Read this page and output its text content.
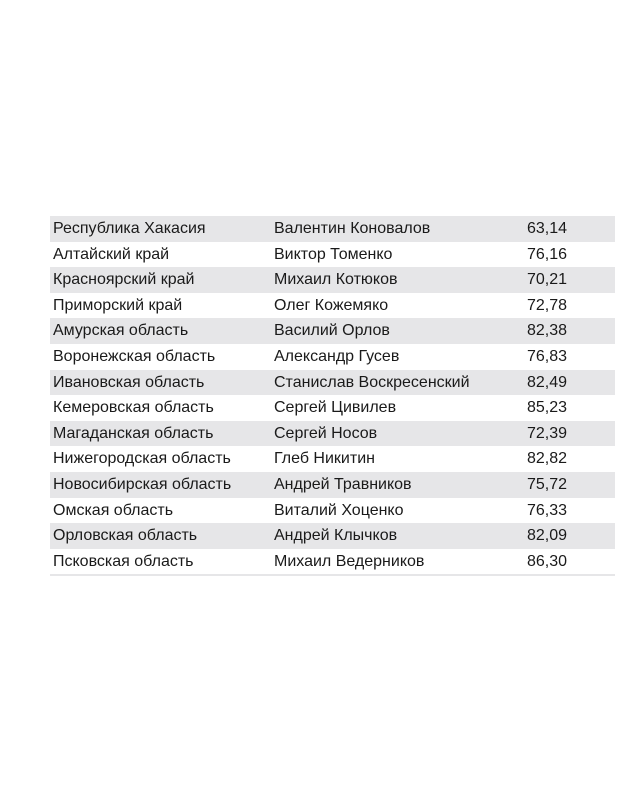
Республика Хакасия	Валентин Коновалов	63,14
Алтайский край	Виктор Томенко	76,16
Красноярский край	Михаил Котюков	70,21
Приморский край	Олег Кожемяко	72,78
Амурская область	Василий Орлов	82,38
Воронежская область	Александр Гусев	76,83
Ивановская область	Станислав Воскресенский	82,49
Кемеровская область	Сергей Цивилев	85,23
Магаданская область	Сергей Носов	72,39
Нижегородская область	Глеб Никитин	82,82
Новосибирская область	Андрей Травников	75,72
Омская область	Виталий Хоценко	76,33
Орловская область	Андрей Клычков	82,09
Псковская область	Михаил Ведерников	86,30
